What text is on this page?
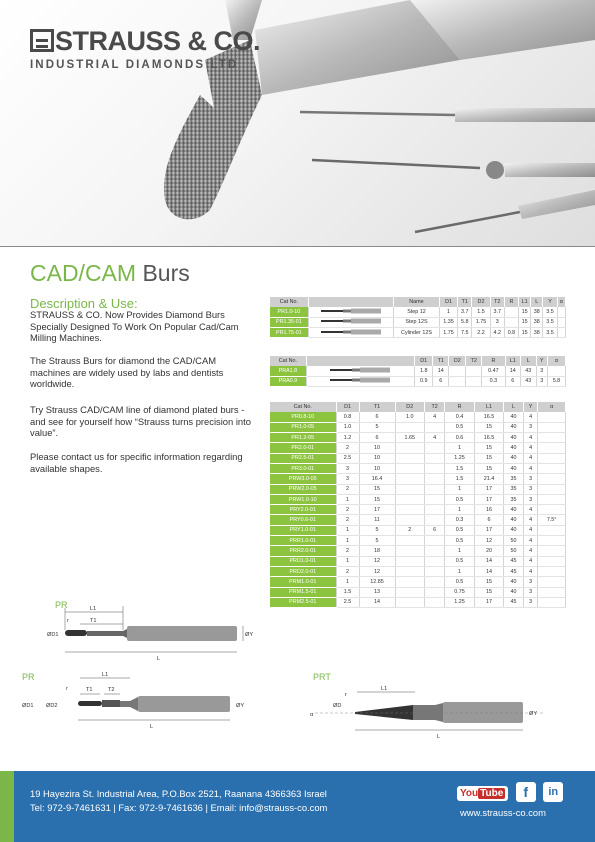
STRAUSS & CO.
INDUSTRIAL DIAMONDS LTD
CAD/CAM Burs
Description & Use:
STRAUSS & CO. Now Provides Diamond Burs Specially Designed To Work On Popular Cad/Cam Milling Machines.
The Strauss Burs for diamond the CAD/CAM machines are widely used by labs and dentists worldwide.
Try Strauss CAD/CAM line of diamond plated burs - and see for yourself how “Strauss turns precision into value”.
Please contact us for specific information regarding available shapes.
Cat No.		Name	D1	T1	D2	T2	R	L1	L	Y	α
PR1.0-10		Step 12	1	3.7	1.5	3.7		15	38	3.5	
PR1.35-01		Step 12S	1.35	5.8	1.75	3		15	38	3.5	
PR1.75-01		Cylinder 12S	1.75	7.5	2.2	4.2	0.8	15	38	3.5	
Cat No.		D1	T1	D2	T2	R	L1	L	Y	α
PRA1.8		1.8	14			0.47	14	43	3	
PRA0.9		0.9	6			0.3	6	43	3	5.8
Cat No.	D1	T1	D2	T2	R	L1	L	Y	α
PR0.8-10	0.8	6	1.0	4	0.4	16.5	40	4	
PR1.0-05	1.0	5			0.5	15	40	3	
PR1.2-05	1.2	6	1.65	4	0.6	16.5	40	4	
PR2.0-01	2	10			1	15	40	4	
PR2.5-01	2.5	10			1.25	15	40	4	
PR3.0-01	3	10			1.5	15	40	4	
PRW3.0-05	3	16.4			1.5	21.4	35	3	
PRW2.0-05	2	15			1	17	35	3	
PRW1.0-10	1	15			0.5	17	35	3	
PRY2.0-01	2	17			1	16	40	4	
PRY0.6-01	2	11			0.3	6	40	4	7.5°
PRY1.0-01	1	5	2	6	0.5	17	40	4	
PRR1.0-01	1	5			0.5	12	50	4	
PRR2.0-01	2	18			1	20	50	4	
PRD1.0-01	1	12			0.5	14	45	4	
PRD2.0-01	2	12			1	14	45	4	
PRM1.0-01	1	12.85			0.5	15	40	3	
PRM1.5-01	1.5	13			0.75	15	40	3	
PRM2.5-01	2.5	14			1.25	17	45	3	
PR	L1
T1
r
ØY
ØD1
L
PR	L1
T1	T2
r
ØY
ØD1 ØD2
L
PRT
L1
r
ØD
α	ØY
L
19 Hayezira St. Industrial Area, P.O.Box 2521, Raanana 4366363 Israel
Tel: 972-9-7461631 | Fax: 972-9-7461636 | Email: info@strauss-co.com
You Tube f in
www.strauss-co.com
